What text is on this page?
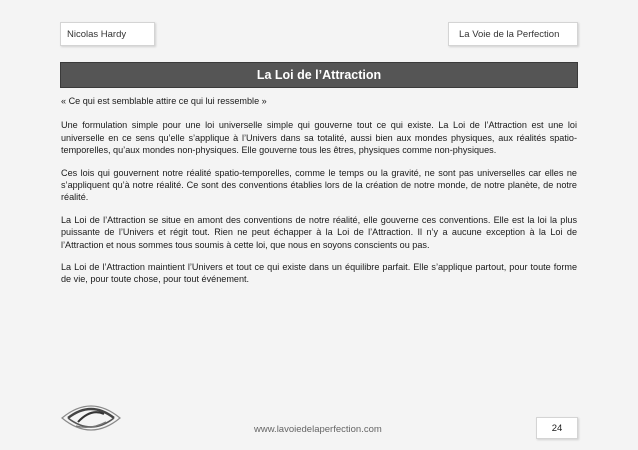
Nicolas Hardy	La Voie de la Perfection
La Loi de l’Attraction

« Ce qui est semblable attire ce qui lui ressemble »

Une formulation simple pour une loi universelle simple qui gouverne tout ce qui existe. La Loi de l’Attraction est une loi universelle en ce sens qu’elle s’applique à l’Univers dans sa totalité, aussi bien aux mondes physiques, aux réalités spatio-temporelles, qu’aux mondes non-physiques. Elle gouverne tous les êtres, physiques comme non-physiques.

Ces lois qui gouvernent notre réalité spatio-temporelles, comme le temps ou la gravité, ne sont pas universelles car elles ne s’appliquent qu’à notre réalité. Ce sont des conventions établies lors de la création de notre monde, de notre planète, de notre réalité.

La Loi de l’Attraction se situe en amont des conventions de notre réalité, elle gouverne ces conventions. Elle est la loi la plus puissante de l’Univers et régit tout. Rien ne peut échapper à la Loi de l’Attraction. Il n’y a aucune exception à la Loi de l’Attraction et nous sommes tous soumis à cette loi, que nous en soyons conscients ou pas.

La Loi de l’Attraction maintient l’Univers et tout ce qui existe dans un équilibre parfait. Elle s’applique partout, pour toute forme de vie, pour toute chose, pour tout événement.

www.lavoiedelaperfection.com	24
